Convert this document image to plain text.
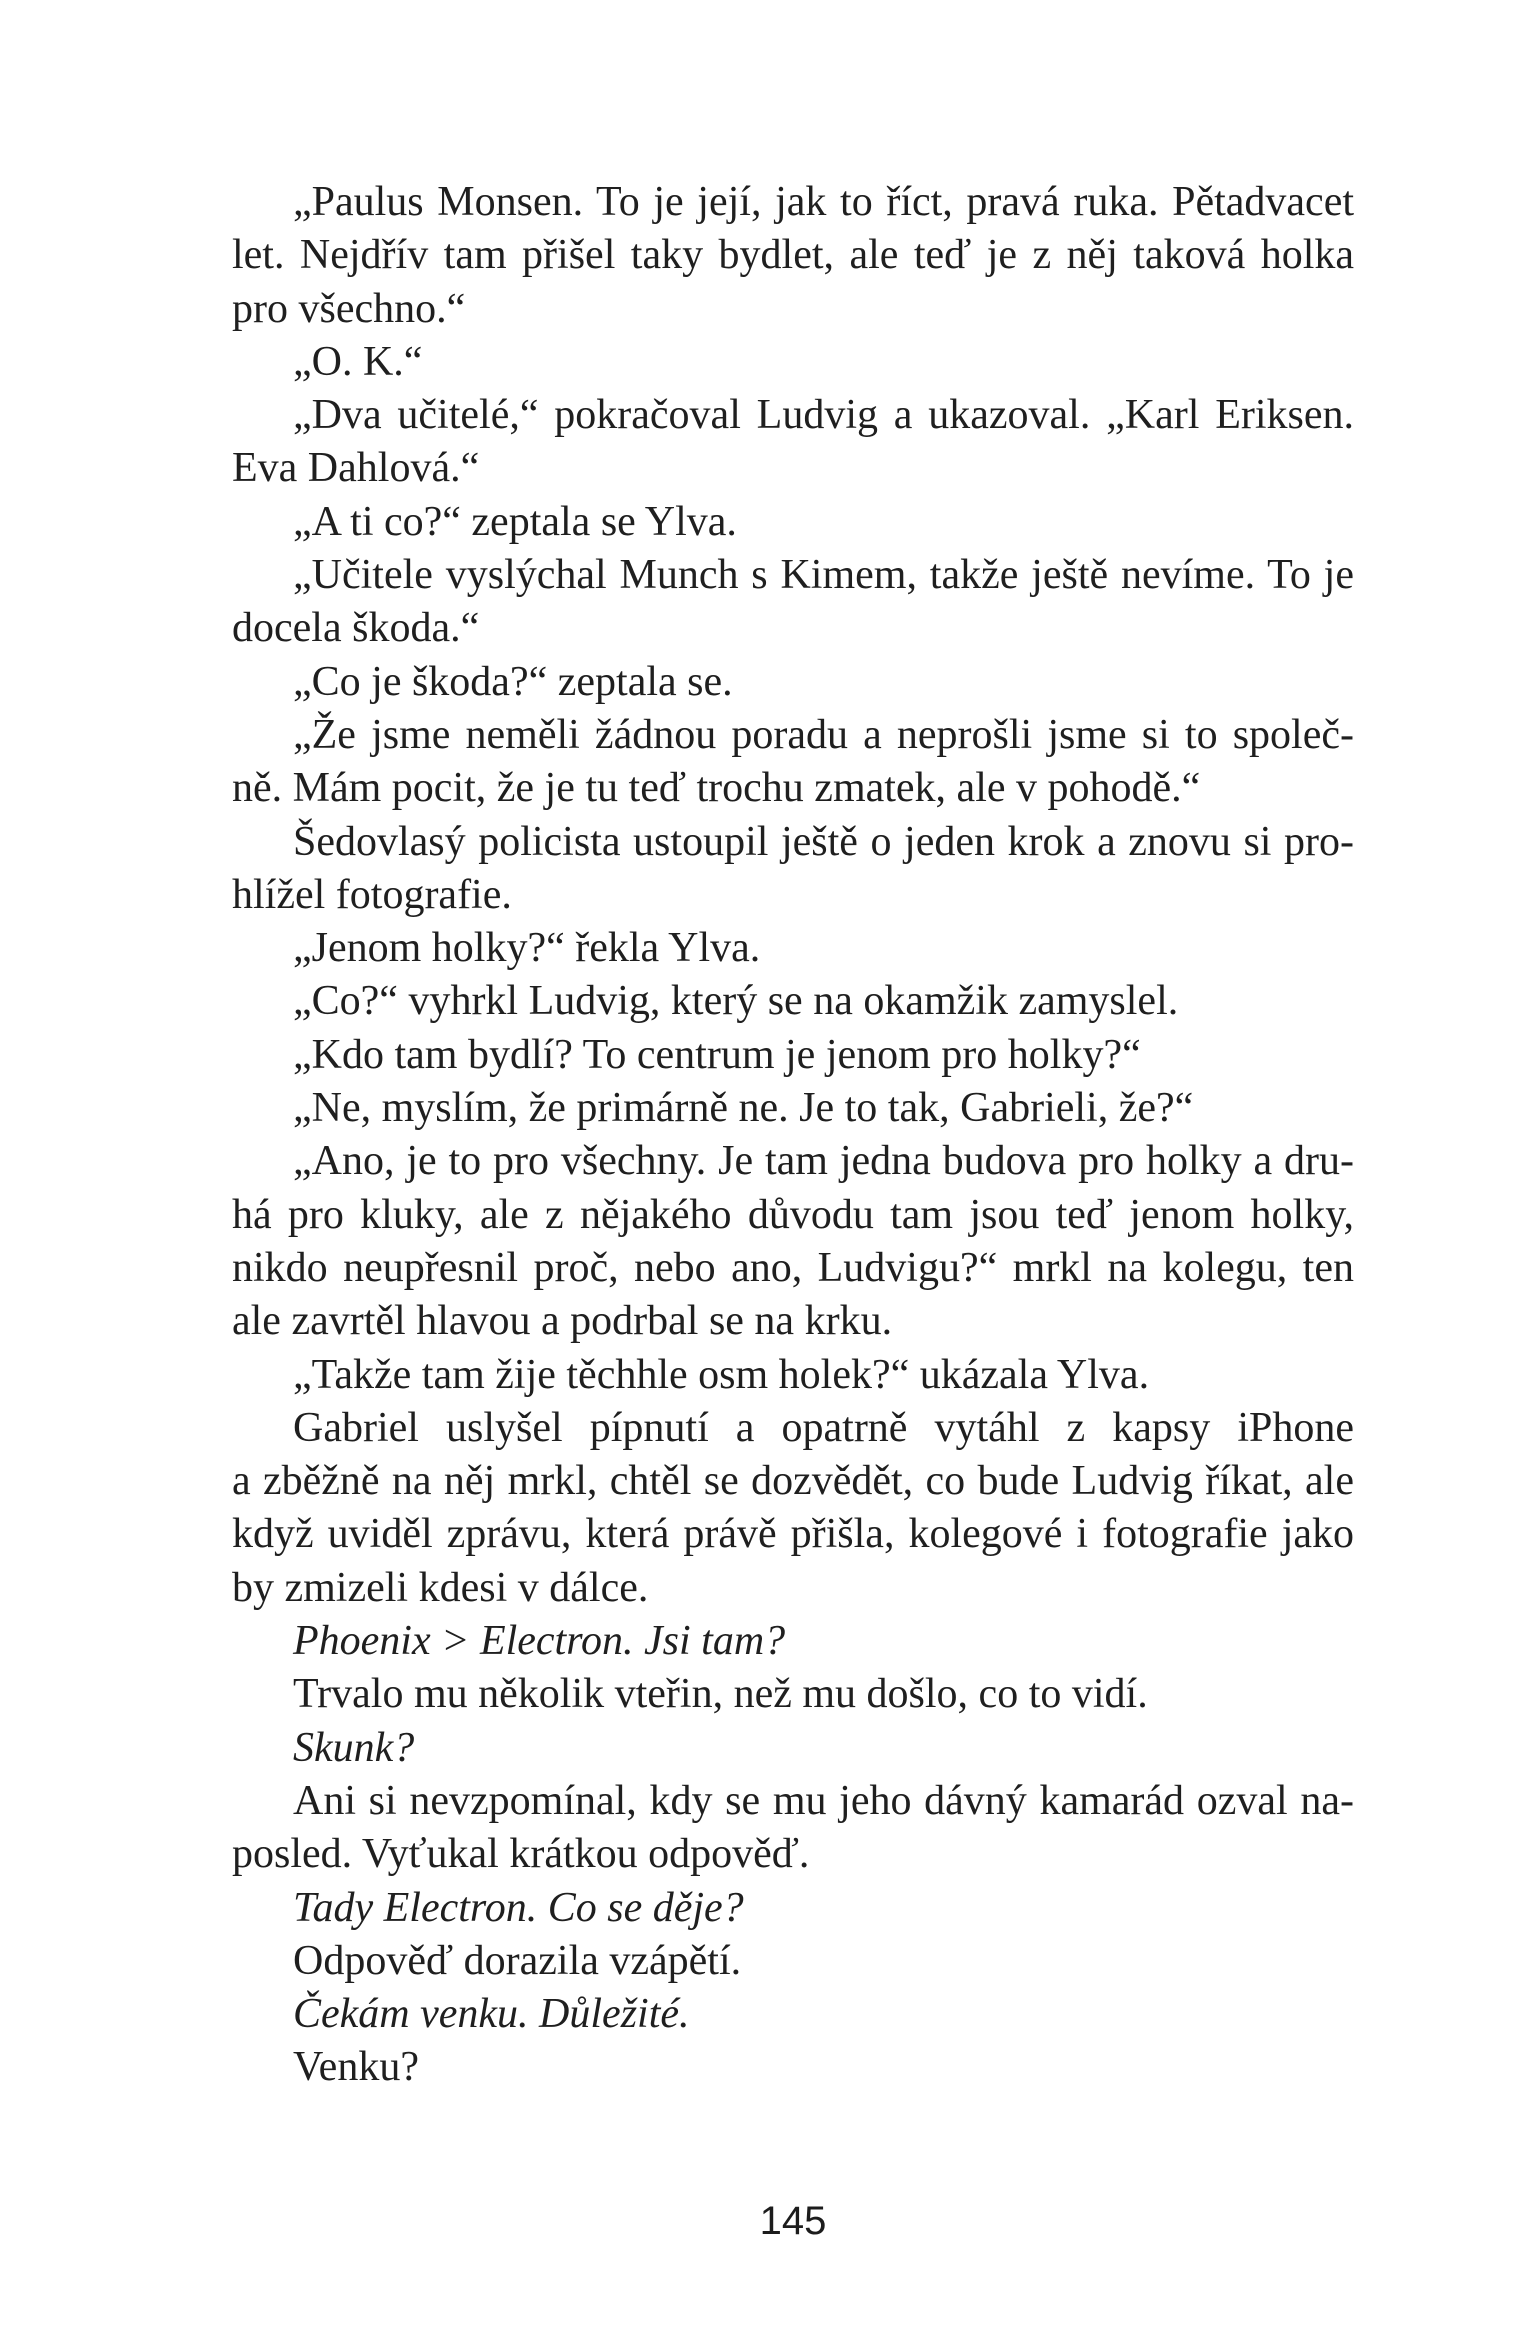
„Paulus Monsen. To je její, jak to říct, pravá ruka. Pětadvacet
let. Nejdřív tam přišel taky bydlet, ale teď je z něj taková holka
pro všechno.“
„O. K.“
„Dva učitelé,“ pokračoval Ludvig a ukazoval. „Karl Eriksen.
Eva Dahlová.“
„A ti co?“ zeptala se Ylva.
„Učitele vyslýchal Munch s Kimem, takže ještě nevíme. To je
docela škoda.“
„Co je škoda?“ zeptala se.
„Že jsme neměli žádnou poradu a neprošli jsme si to společ-
ně. Mám pocit, že je tu teď trochu zmatek, ale v pohodě.“
Šedovlasý policista ustoupil ještě o jeden krok a znovu si pro-
hlížel fotografie.
„Jenom holky?“ řekla Ylva.
„Co?“ vyhrkl Ludvig, který se na okamžik zamyslel.
„Kdo tam bydlí? To centrum je jenom pro holky?“
„Ne, myslím, že primárně ne. Je to tak, Gabrieli, že?“
„Ano, je to pro všechny. Je tam jedna budova pro holky a dru-
há pro kluky, ale z nějakého důvodu tam jsou teď jenom holky,
nikdo neupřesnil proč, nebo ano, Ludvigu?“ mrkl na kolegu, ten
ale zavrtěl hlavou a podrbal se na krku.
„Takže tam žije těchhle osm holek?“ ukázala Ylva.
Gabriel uslyšel pípnutí a opatrně vytáhl z kapsy iPhone
a zběžně na něj mrkl, chtěl se dozvědět, co bude Ludvig říkat, ale
když uviděl zprávu, která právě přišla, kolegové i fotografie jako
by zmizeli kdesi v dálce.
Phoenix > Electron. Jsi tam?
Trvalo mu několik vteřin, než mu došlo, co to vidí.
Skunk?
Ani si nevzpomínal, kdy se mu jeho dávný kamarád ozval na-
posled. Vyťukal krátkou odpověď.
Tady Electron. Co se děje?
Odpověď dorazila vzápětí.
Čekám venku. Důležité.
Venku?
145
